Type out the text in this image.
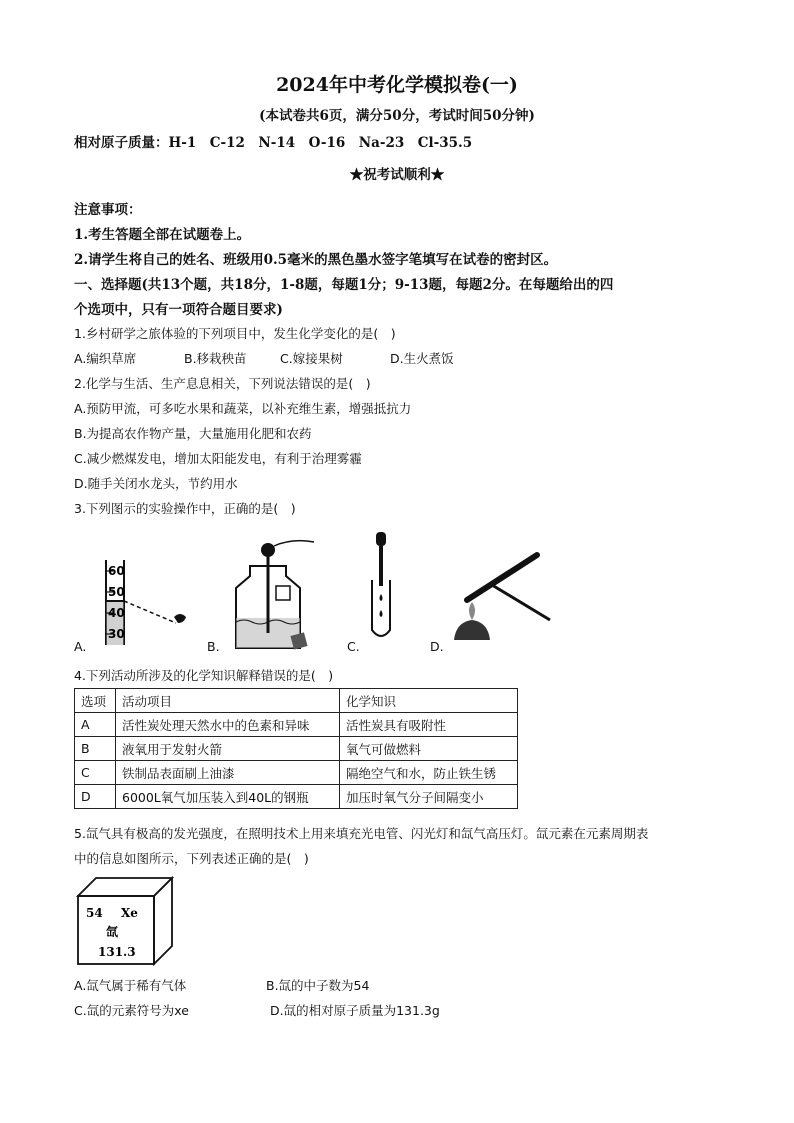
2024年中考化学模拟卷(一)
(本试卷共6页，满分50分，考试时间50分钟)
相对原子质量：H-1　C-12　N-14　O-16　Na-23　Cl-35.5
★祝考试顺利★
注意事项：
1.考生答题全部在试题卷上。
2.请学生将自己的姓名、班级用0.5毫米的黑色墨水签字笔填写在试卷的密封区。
一、选择题(共13个题，共18分，1-8题，每题1分；9-13题，每题2分。在每题给出的四
个选项中，只有一项符合题目要求)
1.乡村研学之旅体验的下列项目中，发生化学变化的是(　)
A.编织草席	B.移栽秧苗	C.嫁接果树	D.生火煮饭
2.化学与生活、生产息息相关，下列说法错误的是(　)
A.预防甲流，可多吃水果和蔬菜，以补充维生素，增强抵抗力
B.为提高农作物产量，大量施用化肥和农药
C.减少燃煤发电，增加太阳能发电，有利于治理雾霾
D.随手关闭水龙头，节约用水
3.下列图示的实验操作中，正确的是(　)
60
50
40
30
A.	B.	C.	D.
4.下列活动所涉及的化学知识解释错误的是(　)
选项	活动项目	化学知识
A	活性炭处理天然水中的色素和异味	活性炭具有吸附性
B	液氧用于发射火箭	氧气可做燃料
C	铁制品表面刷上油漆	隔绝空气和水，防止铁生锈
D	6000L氧气加压装入到40L的钢瓶	加压时氧气分子间隔变小
5.氙气具有极高的发光强度，在照明技术上用来填充光电管、闪光灯和氙气高压灯。氙元素在元素周期表
中的信息如图所示，下列表述正确的是(　)
54 Xe
氙
131.3
A.氙气属于稀有气体	B.氙的中子数为54
C.氙的元素符号为xe	D.氙的相对原子质量为131.3g
